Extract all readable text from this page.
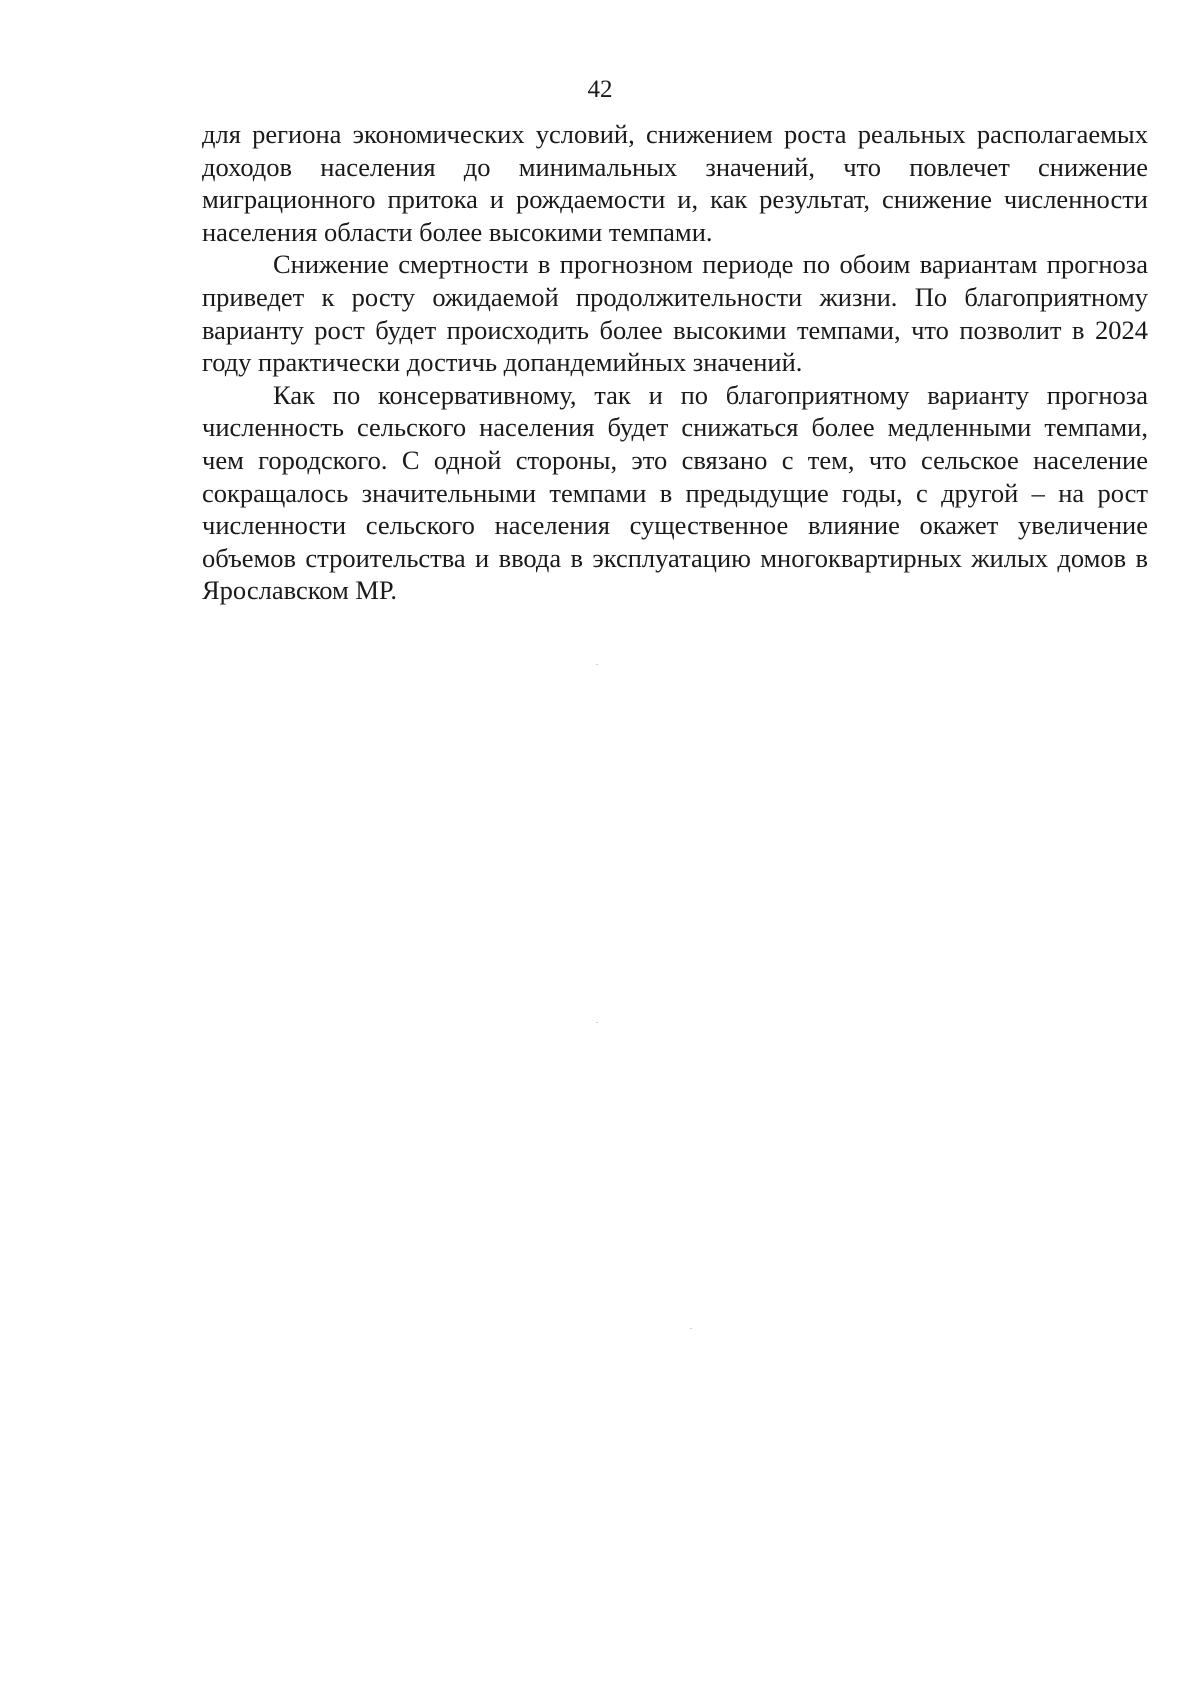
42

для региона экономических условий, снижением роста реальных располагаемых доходов населения до минимальных значений, что повлечет снижение миграционного притока и рождаемости и, как результат, снижение численности населения области более высокими темпами.

Снижение смертности в прогнозном периоде по обоим вариантам прогноза приведет к росту ожидаемой продолжительности жизни. По благоприятному варианту рост будет происходить более высокими темпами, что позволит в 2024 году практически достичь допандемийных значений.

Как по консервативному, так и по благоприятному варианту прогноза численность сельского населения будет снижаться более медленными темпами, чем городского. С одной стороны, это связано с тем, что сельское население сокращалось значительными темпами в предыдущие годы, с другой – на рост численности сельского населения существенное влияние окажет увеличение объемов строительства и ввода в эксплуатацию многоквартирных жилых домов в Ярославском МР.
